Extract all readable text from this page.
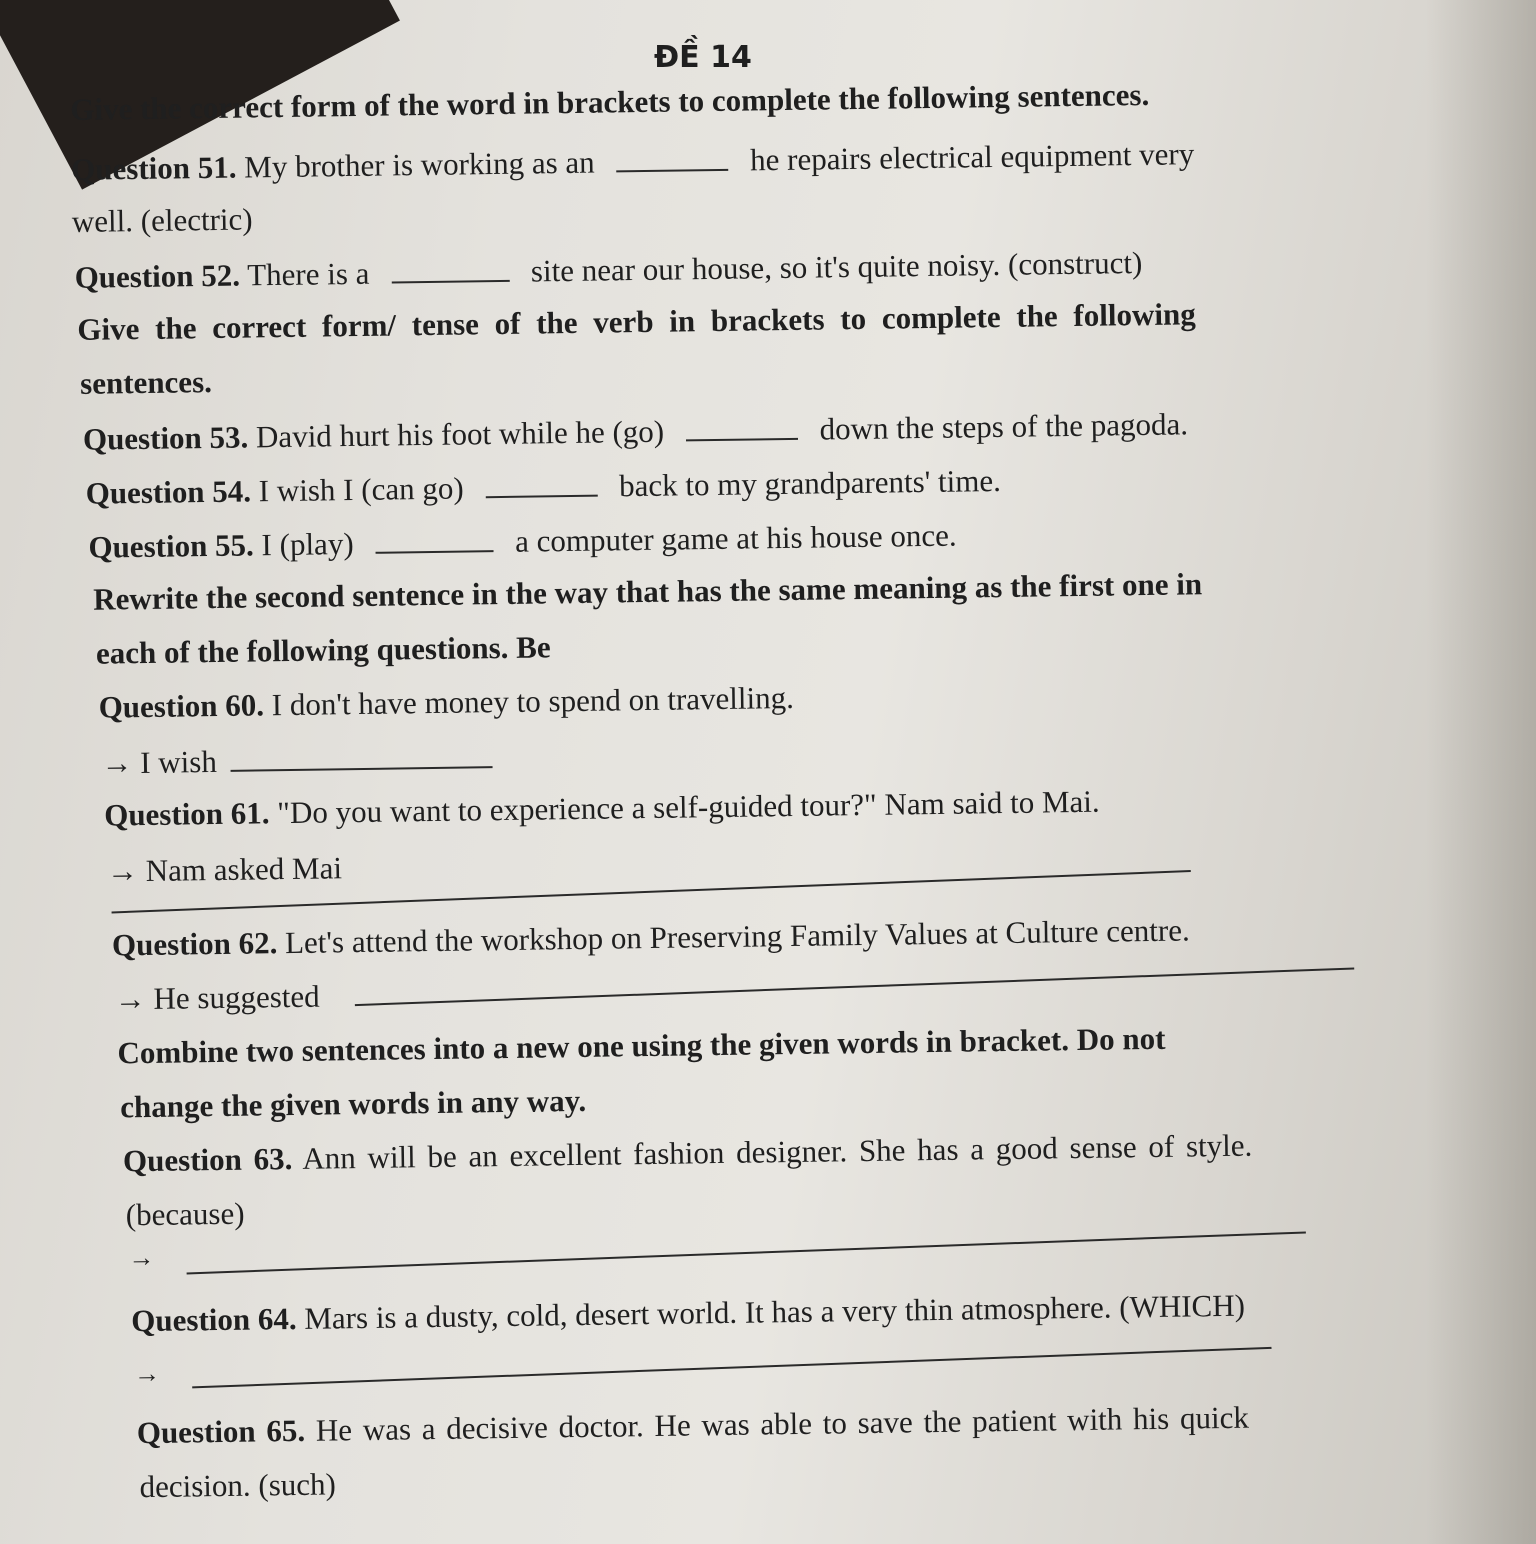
ĐỀ 14
Give the correct form of the word in brackets to complete the following sentences.
Question 51. My brother is working as an	he repairs electrical equipment very
well. (electric)
Question 52. There is a	site near our house, so it's quite noisy. (construct)
Give the correct form/ tense of the verb in brackets to complete the following
sentences.
Question 53. David hurt his foot while he (go)	down the steps of the pagoda.
Question 54. I wish I (can go)	back to my grandparents' time.
Question 55. I (play)	a computer game at his house once.
Rewrite the second sentence in the way that has the same meaning as the first one in
each of the following questions. Be
Question 60. I don't have money to spend on travelling.
→ I wish
Question 61. "Do you want to experience a self-guided tour?" Nam said to Mai.
→ Nam asked Mai
Question 62. Let's attend the workshop on Preserving Family Values at Culture centre.
→ He suggested
Combine two sentences into a new one using the given words in bracket. Do not
change the given words in any way.
Question 63. Ann will be an excellent fashion designer. She has a good sense of style.
(because)
→
Question 64. Mars is a dusty, cold, desert world. It has a very thin atmosphere. (WHICH)
→
Question 65. He was a decisive doctor. He was able to save the patient with his quick
decision. (such)
